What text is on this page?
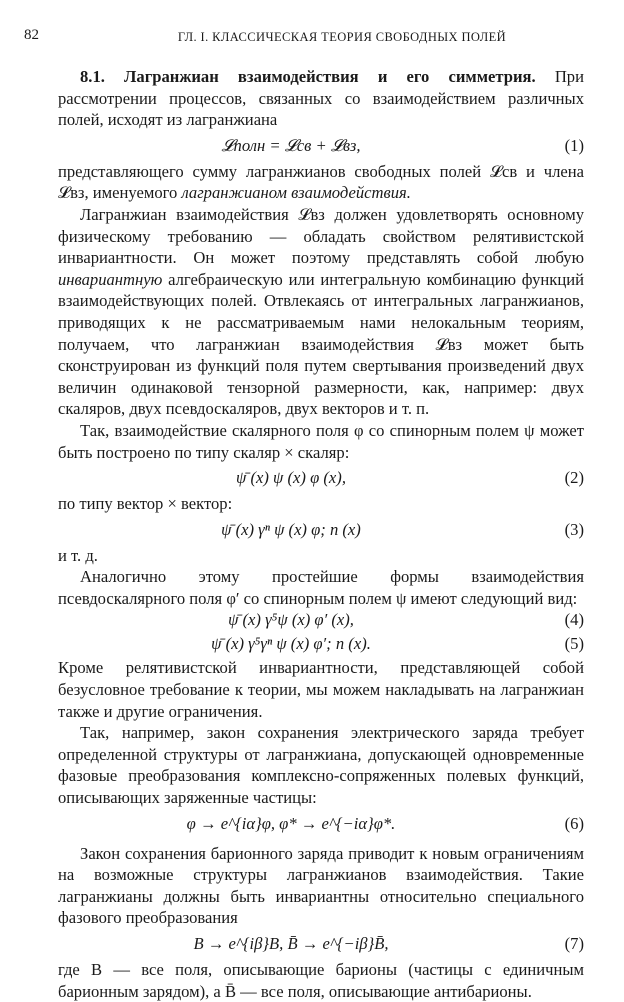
82	ГЛ. I. КЛАССИЧЕСКАЯ ТЕОРИЯ СВОБОДНЫХ ПОЛЕЙ

8.1. Лагранжиан взаимодействия и его симметрия. При рассмотрении процессов, связанных со взаимодействием различных полей, исходят из лагранжиана

𝓛полн = 𝓛св + 𝓛вз,	(1)

представляющего сумму лагранжианов свободных полей 𝓛св и члена 𝓛вз, именуемого лагранжианом взаимодействия.

Лагранжиан взаимодействия 𝓛вз должен удовлетворять основному физическому требованию — обладать свойством релятивистской инвариантности. Он может поэтому представлять собой любую инвариантную алгебраическую или интегральную комбинацию функций взаимодействующих полей. Отвлекаясь от интегральных лагранжианов, приводящих к не рассматриваемым нами нелокальным теориям, получаем, что лагранжиан взаимодействия 𝓛вз может быть сконструирован из функций поля путем свертывания произведений двух величин одинаковой тензорной размерности, как, например: двух скаляров, двух псевдоскаляров, двух векторов и т. п.

Так, взаимодействие скалярного поля φ со спинорным полем ψ может быть построено по типу скаляр × скаляр:

ψ̄ (x) ψ (x) φ (x),	(2)

по типу вектор × вектор:

ψ̄ (x) γⁿ ψ (x) φ; n (x)	(3)

и т. д.

Аналогично этому простейшие формы взаимодействия псевдоскалярного поля φ′ со спинорным полем ψ имеют следующий вид:

ψ̄ (x) γ⁵ψ (x) φ′ (x),	(4)
ψ̄ (x) γ⁵γⁿ ψ (x) φ′; n (x).	(5)

Кроме релятивистской инвариантности, представляющей собой безусловное требование к теории, мы можем накладывать на лагранжиан также и другие ограничения.

Так, например, закон сохранения электрического заряда требует определенной структуры от лагранжиана, допускающей одновременные фазовые преобразования комплексно-сопряженных полевых функций, описывающих заряженные частицы:

φ → e^{iα}φ, φ* → e^{−iα}φ*.	(6)

Закон сохранения барионного заряда приводит к новым ограничениям на возможные структуры лагранжианов взаимодействия. Такие лагранжианы должны быть инвариантны относительно специального фазового преобразования

B → e^{iβ}B, B̄ → e^{−iβ}B̄,	(7)

где B — все поля, описывающие барионы (частицы с единичным барионным зарядом), а B̄ — все поля, описывающие антибарионы.
